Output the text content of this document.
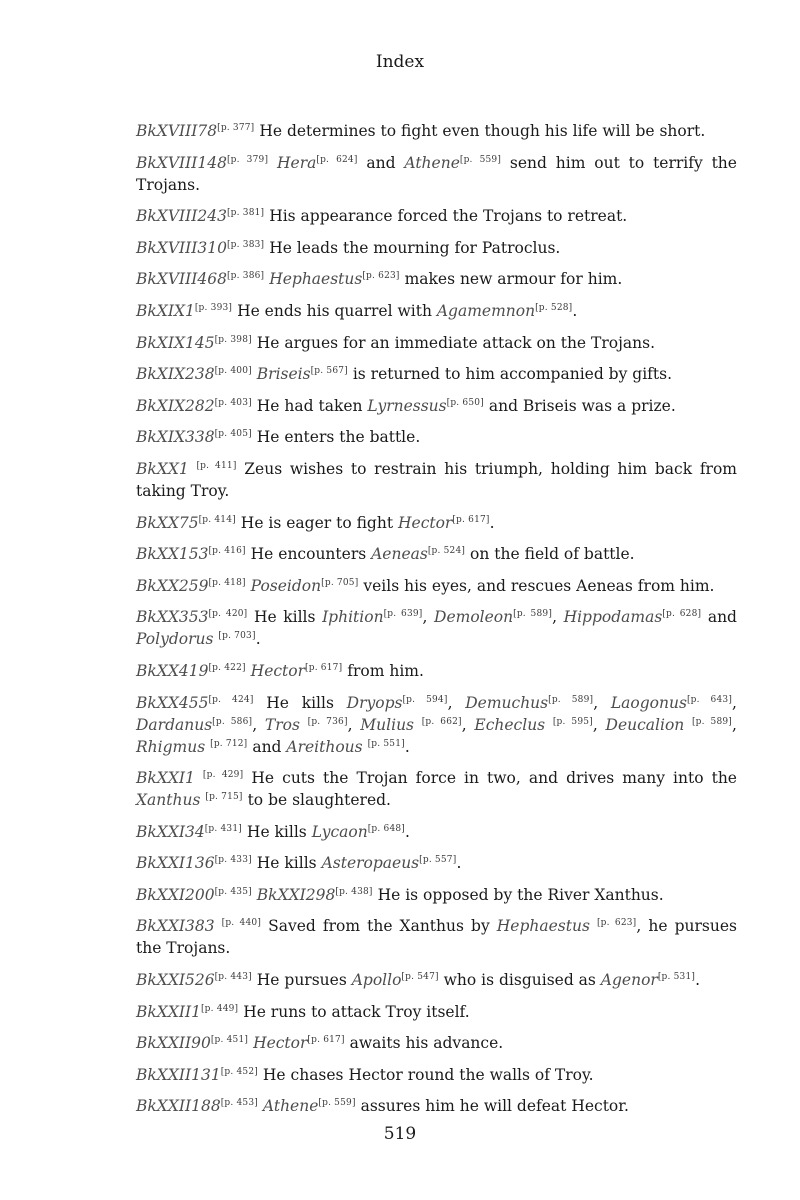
Index
BkXVIII78[p. 377] He determines to fight even though his life will be short.
BkXVIII148[p. 379] Hera[p. 624] and Athene[p. 559] send him out to terrify the Trojans.
BkXVIII243[p. 381] His appearance forced the Trojans to retreat.
BkXVIII310[p. 383] He leads the mourning for Patroclus.
BkXVIII468[p. 386] Hephaestus[p. 623] makes new armour for him.
BkXIX1[p. 393] He ends his quarrel with Agamemnon[p. 528].
BkXIX145[p. 398] He argues for an immediate attack on the Trojans.
BkXIX238[p. 400] Briseis[p. 567] is returned to him accompanied by gifts.
BkXIX282[p. 403] He had taken Lyrnessus[p. 650] and Briseis was a prize.
BkXIX338[p. 405] He enters the battle.
BkXX1 [p. 411] Zeus wishes to restrain his triumph, holding him back from taking Troy.
BkXX75[p. 414] He is eager to fight Hector[p. 617].
BkXX153[p. 416] He encounters Aeneas[p. 524] on the field of battle.
BkXX259[p. 418] Poseidon[p. 705] veils his eyes, and rescues Aeneas from him.
BkXX353[p. 420] He kills Iphition[p. 639], Demoleon[p. 589], Hippodamas[p. 628] and Polydorus [p. 703].
BkXX419[p. 422] Hector[p. 617] from him.
BkXX455[p. 424] He kills Dryops[p. 594], Demuchus[p. 589], Laogonus[p. 643], Dardanus[p. 586], Tros [p. 736], Mulius [p. 662], Echeclus [p. 595], Deucalion [p. 589], Rhigmus [p. 712] and Areithous [p. 551].
BkXXI1 [p. 429] He cuts the Trojan force in two, and drives many into the Xanthus [p. 715] to be slaughtered.
BkXXI34[p. 431] He kills Lycaon[p. 648].
BkXXI136[p. 433] He kills Asteropaeus[p. 557].
BkXXI200[p. 435] BkXXI298[p. 438] He is opposed by the River Xanthus.
BkXXI383 [p. 440] Saved from the Xanthus by Hephaestus [p. 623], he pursues the Trojans.
BkXXI526[p. 443] He pursues Apollo[p. 547] who is disguised as Agenor[p. 531].
BkXXII1[p. 449] He runs to attack Troy itself.
BkXXII90[p. 451] Hector[p. 617] awaits his advance.
BkXXII131[p. 452] He chases Hector round the walls of Troy.
BkXXII188[p. 453] Athene[p. 559] assures him he will defeat Hector.
519
